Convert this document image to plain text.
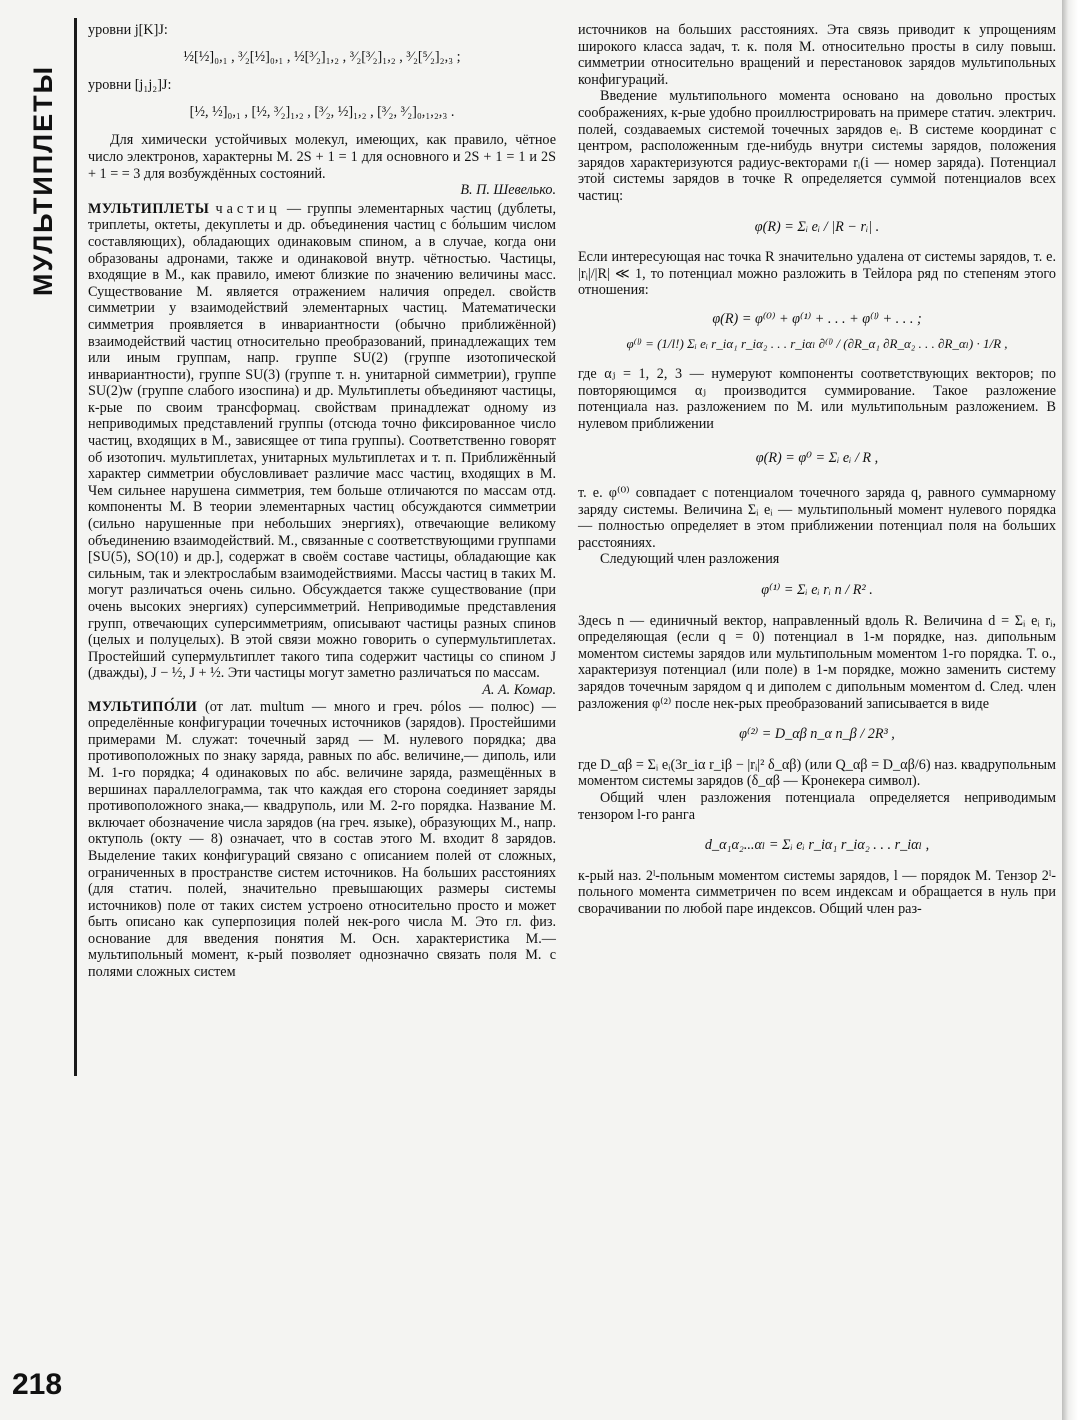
МУЛЬТИПЛЕТЫ
218

уровни j[K]J:

½[½]₀,₁ , ³⁄₂[½]₀,₁ , ½[³⁄₂]₁,₂ , ³⁄₂[³⁄₂]₁,₂ , ³⁄₂[⁵⁄₂]₂,₃ ;

уровни [j₁j₂]J:

[½, ½]₀,₁ , [½, ³⁄₂]₁,₂ , [³⁄₂, ½]₁,₂ , [³⁄₂, ³⁄₂]₀,₁,₂,₃ .

Для химически устойчивых молекул, имеющих, как правило, чётное число электронов, характерны М. 2S + 1 = 1 для основного и 2S + 1 = 1 и 2S + 1 = = 3 для возбуждённых состояний.
В. П. Шевелько.

МУЛЬТИПЛЕТЫ частиц — группы элементарных частиц (дублеты, триплеты, октеты, декуплеты и др. объединения частиц с бо́льшим числом составляющих), обладающих одинаковым спином, а в случае, когда они образованы адронами, также и одинаковой внутр. чётностью. Частицы, входящие в М., как правило, имеют близкие по значению величины масс. Существование М. является отражением наличия определ. свойств симметрии у взаимодействий элементарных частиц. Математически симметрия проявляется в инвариантности (обычно приближённой) взаимодействий частиц относительно преобразований, принадлежащих тем или иным группам, напр. группе SU(2) (группе изотопической инвариантности), группе SU(3) (группе т. н. унитарной симметрии), группе SU(2)w (группе слабого изоспина) и др. Мультиплеты объединяют частицы, к-рые по своим трансформац. свойствам принадлежат одному из неприводимых представлений группы (отсюда точно фиксированное число частиц, входящих в М., зависящее от типа группы). Соответственно говорят об изотопич. мультиплетах, унитарных мультиплетах и т. п. Приближённый характер симметрии обусловливает различие масс частиц, входящих в М. Чем сильнее нарушена симметрия, тем больше отличаются по массам отд. компоненты М. В теории элементарных частиц обсуждаются симметрии (сильно нарушенные при небольших энергиях), отвечающие великому объединению взаимодействий. М., связанные с соответствующими группами [SU(5), SO(10) и др.], содержат в своём составе частицы, обладающие как сильным, так и электрослабым взаимодействиями. Массы частиц в таких М. могут различаться очень сильно. Обсуждается также существование (при очень высоких энергиях) суперсимметрий. Неприводимые представления групп, отвечающих суперсимметриям, описывают частицы разных спинов (целых и полуцелых). В этой связи можно говорить о супермультиплетах. Простейший супермультиплет такого типа содержит частицы со спином J (дважды), J − ½, J + ½. Эти частицы могут заметно различаться по массам.
А. А. Комар.

МУЛЬТИПО́ЛИ (от лат. multum — много и греч. pólos — полюс) — определённые конфигурации точечных источников (зарядов). Простейшими примерами М. служат: точечный заряд — М. нулевого порядка; два противоположных по знаку заряда, равных по абс. величине,— диполь, или М. 1-го порядка; 4 одинаковых по абс. величине заряда, размещённых в вершинах параллелограмма, так что каждая его сторона соединяет заряды противоположного знака,— квадруполь, или М. 2-го порядка. Название М. включает обозначение числа зарядов (на греч. языке), образующих М., напр. октуполь (окту — 8) означает, что в состав этого М. входит 8 зарядов. Выделение таких конфигураций связано с описанием полей от сложных, ограниченных в пространстве систем источников. На больших расстояниях (для статич. полей, значительно превышающих размеры системы источников) поле от таких систем устроено относительно просто и может быть описано как суперпозиция полей нек-рого числа М. Это гл. физ. основание для введения понятия М. Осн. характеристика М.— мультипольный момент, к-рый позволяет однозначно связать поля М. с полями сложных систем

источников на больших расстояниях. Эта связь приводит к упрощениям широкого класса задач, т. к. поля М. относительно просты в силу повыш. симметрии относительно вращений и перестановок зарядов мультипольных конфигураций.

Введение мультипольного момента основано на довольно простых соображениях, к-рые удобно проиллюстрировать на примере статич. электрич. полей, создаваемых системой точечных зарядов eᵢ. В системе координат с центром, расположенным где-нибудь внутри системы зарядов, положения зарядов характеризуются радиус-векторами rᵢ(i — номер заряда). Потенциал этой системы зарядов в точке R определяется суммой потенциалов всех частиц:

φ(R) = Σᵢ eᵢ / |R − rᵢ| .

Если интересующая нас точка R значительно удалена от системы зарядов, т. е. |rᵢ|/|R| ≪ 1, то потенциал можно разложить в Тейлора ряд по степеням этого отношения:

φ(R) = φ⁽⁰⁾ + φ⁽¹⁾ + . . . + φ⁽ˡ⁾ + . . . ;

φ⁽ˡ⁾ = (1/l!) Σᵢ eᵢ r_iα₁ r_iα₂ . . . r_iαₗ ∂⁽ˡ⁾ / (∂R_α₁ ∂R_α₂ . . . ∂R_αₗ) · 1/R ,

где αⱼ = 1, 2, 3 — нумеруют компоненты соответствующих векторов; по повторяющимся αⱼ производится суммирование. Такое разложение потенциала наз. разложением по М. или мультипольным разложением. В нулевом приближении

φ(R) = φ⁰ = Σᵢ eᵢ / R ,

т. е. φ⁽⁰⁾ совпадает с потенциалом точечного заряда q, равного суммарному заряду системы. Величина Σᵢ eᵢ — мультипольный момент нулевого порядка — полностью определяет в этом приближении потенциал поля на больших расстояниях.

Следующий член разложения

φ⁽¹⁾ = Σᵢ eᵢ rᵢ n / R² .

Здесь n — единичный вектор, направленный вдоль R. Величина d = Σᵢ eᵢ rᵢ, определяющая (если q = 0) потенциал в 1-м порядке, наз. дипольным моментом системы зарядов или мультипольным моментом 1-го порядка. Т. о., характеризуя потенциал (или поле) в 1-м порядке, можно заменить систему зарядов точечным зарядом q и диполем с дипольным моментом d. След. член разложения φ⁽²⁾ после нек-рых преобразований записывается в виде

φ⁽²⁾ = D_αβ n_α n_β / 2R³ ,

где D_αβ = Σᵢ eᵢ(3r_iα r_iβ − |rᵢ|² δ_αβ) (или Q_αβ = D_αβ/6) наз. квадрупольным моментом системы зарядов (δ_αβ — Кронекера символ).

Общий член разложения потенциала определяется неприводимым тензором l-го ранга

d_α₁α₂...αₗ = Σᵢ eᵢ r_iα₁ r_iα₂ . . . r_iαₗ ,

к-рый наз. 2ˡ-польным моментом системы зарядов, l — порядок М. Тензор 2ˡ-польного момента симметричен по всем индексам и обращается в нуль при сворачивании по любой паре индексов. Общий член раз-
